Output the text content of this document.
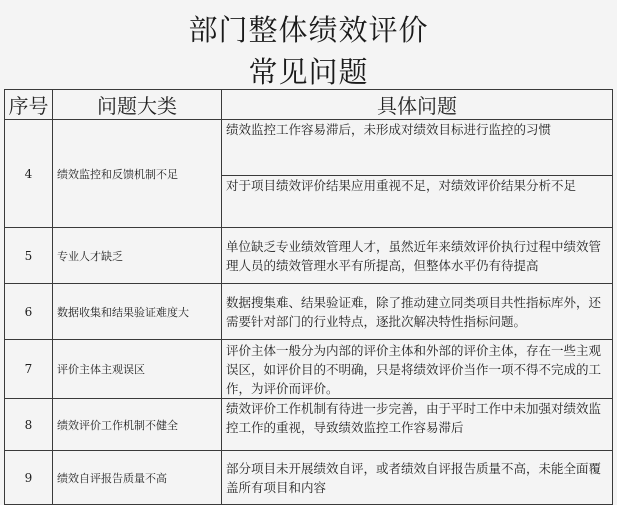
部门整体绩效评价
常见问题
序号	问题大类	具体问题
4	绩效监控和反馈机制不足	绩效监控工作容易滞后，未形成对绩效目标进行监控的习惯
		对于项目绩效评价结果应用重视不足，对绩效评价结果分析不足
5	专业人才缺乏	单位缺乏专业绩效管理人才，虽然近年来绩效评价执行过程中绩效管理人员的绩效管理水平有所提高，但整体水平仍有待提高
6	数据收集和结果验证难度大	数据搜集难、结果验证难，除了推动建立同类项目共性指标库外，还需要针对部门的行业特点，逐批次解决特性指标问题。
7	评价主体主观误区	评价主体一般分为内部的评价主体和外部的评价主体，存在一些主观误区，如评价目的不明确，只是将绩效评价当作一项不得不完成的工作，为评价而评价。
8	绩效评价工作机制不健全	绩效评价工作机制有待进一步完善，由于平时工作中未加强对绩效监控工作的重视，导致绩效监控工作容易滞后
9	绩效自评报告质量不高	部分项目未开展绩效自评，或者绩效自评报告质量不高，未能全面覆盖所有项目和内容
